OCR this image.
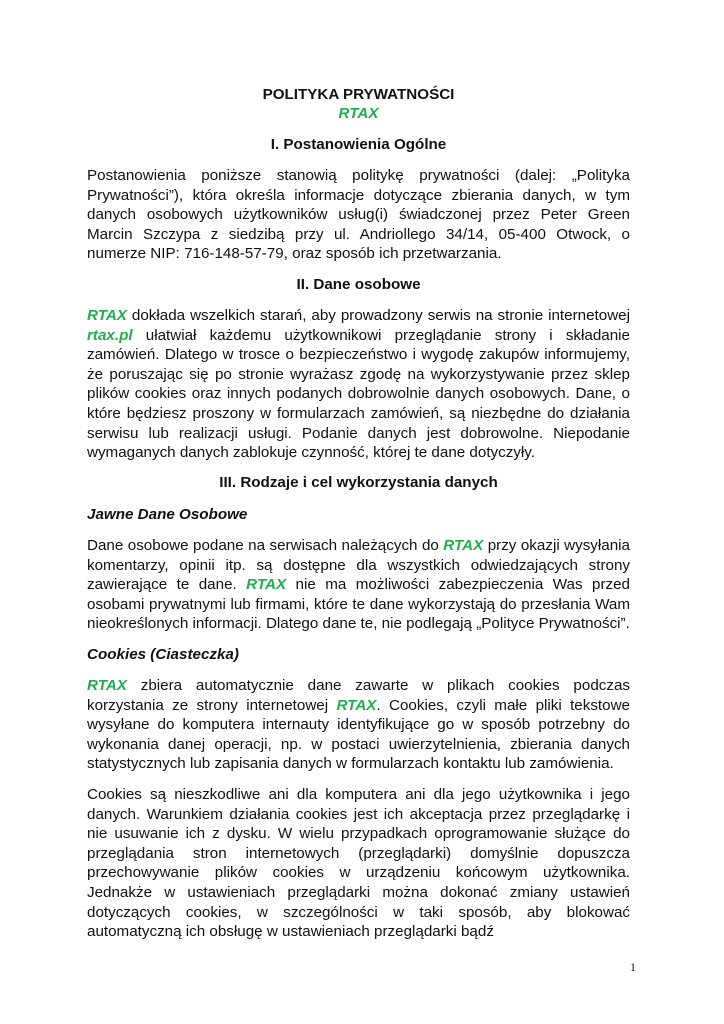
POLITYKA PRYWATNOŚCI
RTAX
I. Postanowienia Ogólne
Postanowienia poniższe stanowią politykę prywatności (dalej: „Polityka Prywatności”), która określa informacje dotyczące zbierania danych, w tym danych osobowych użytkowników usług(i) świadczonej przez Peter Green Marcin Szczypa z siedzibą przy ul. Andriollego 34/14, 05-400 Otwock, o numerze NIP: 716-148-57-79, oraz sposób ich przetwarzania.
II. Dane osobowe
RTAX dokłada wszelkich starań, aby prowadzony serwis na stronie internetowej rtax.pl ułatwiał każdemu użytkownikowi przeglądanie strony i składanie zamówień. Dlatego w trosce o bezpieczeństwo i wygodę zakupów informujemy, że poruszając się po stronie wyrażasz zgodę na wykorzystywanie przez sklep plików cookies oraz innych podanych dobrowolnie danych osobowych. Dane, o które będziesz proszony w formularzach zamówień, są niezbędne do działania serwisu lub realizacji usługi. Podanie danych jest dobrowolne. Niepodanie wymaganych danych zablokuje czynność, której te dane dotyczyły.
III. Rodzaje i cel wykorzystania danych
Jawne Dane Osobowe
Dane osobowe podane na serwisach należących do RTAX przy okazji wysyłania komentarzy, opinii itp. są dostępne dla wszystkich odwiedzających strony zawierające te dane. RTAX nie ma możliwości zabezpieczenia Was przed osobami prywatnymi lub firmami, które te dane wykorzystają do przesłania Wam nieokreślonych informacji. Dlatego dane te, nie podlegają „Polityce Prywatności”.
Cookies (Ciasteczka)
RTAX zbiera automatycznie dane zawarte w plikach cookies podczas korzystania ze strony internetowej RTAX. Cookies, czyli małe pliki tekstowe wysyłane do komputera internauty identyfikujące go w sposób potrzebny do wykonania danej operacji, np. w postaci uwierzytelnienia, zbierania danych statystycznych lub zapisania danych w formularzach kontaktu lub zamówienia.
Cookies są nieszkodliwe ani dla komputera ani dla jego użytkownika i jego danych. Warunkiem działania cookies jest ich akceptacja przez przeglądarkę i nie usuwanie ich z dysku. W wielu przypadkach oprogramowanie służące do przeglądania stron internetowych (przeglądarki) domyślnie dopuszcza przechowywanie plików cookies w urządzeniu końcowym użytkownika. Jednakże w ustawieniach przeglądarki można dokonać zmiany ustawień dotyczących cookies, w szczególności w taki sposób, aby blokować automatyczną ich obsługę w ustawieniach przeglądarki bądź
1
